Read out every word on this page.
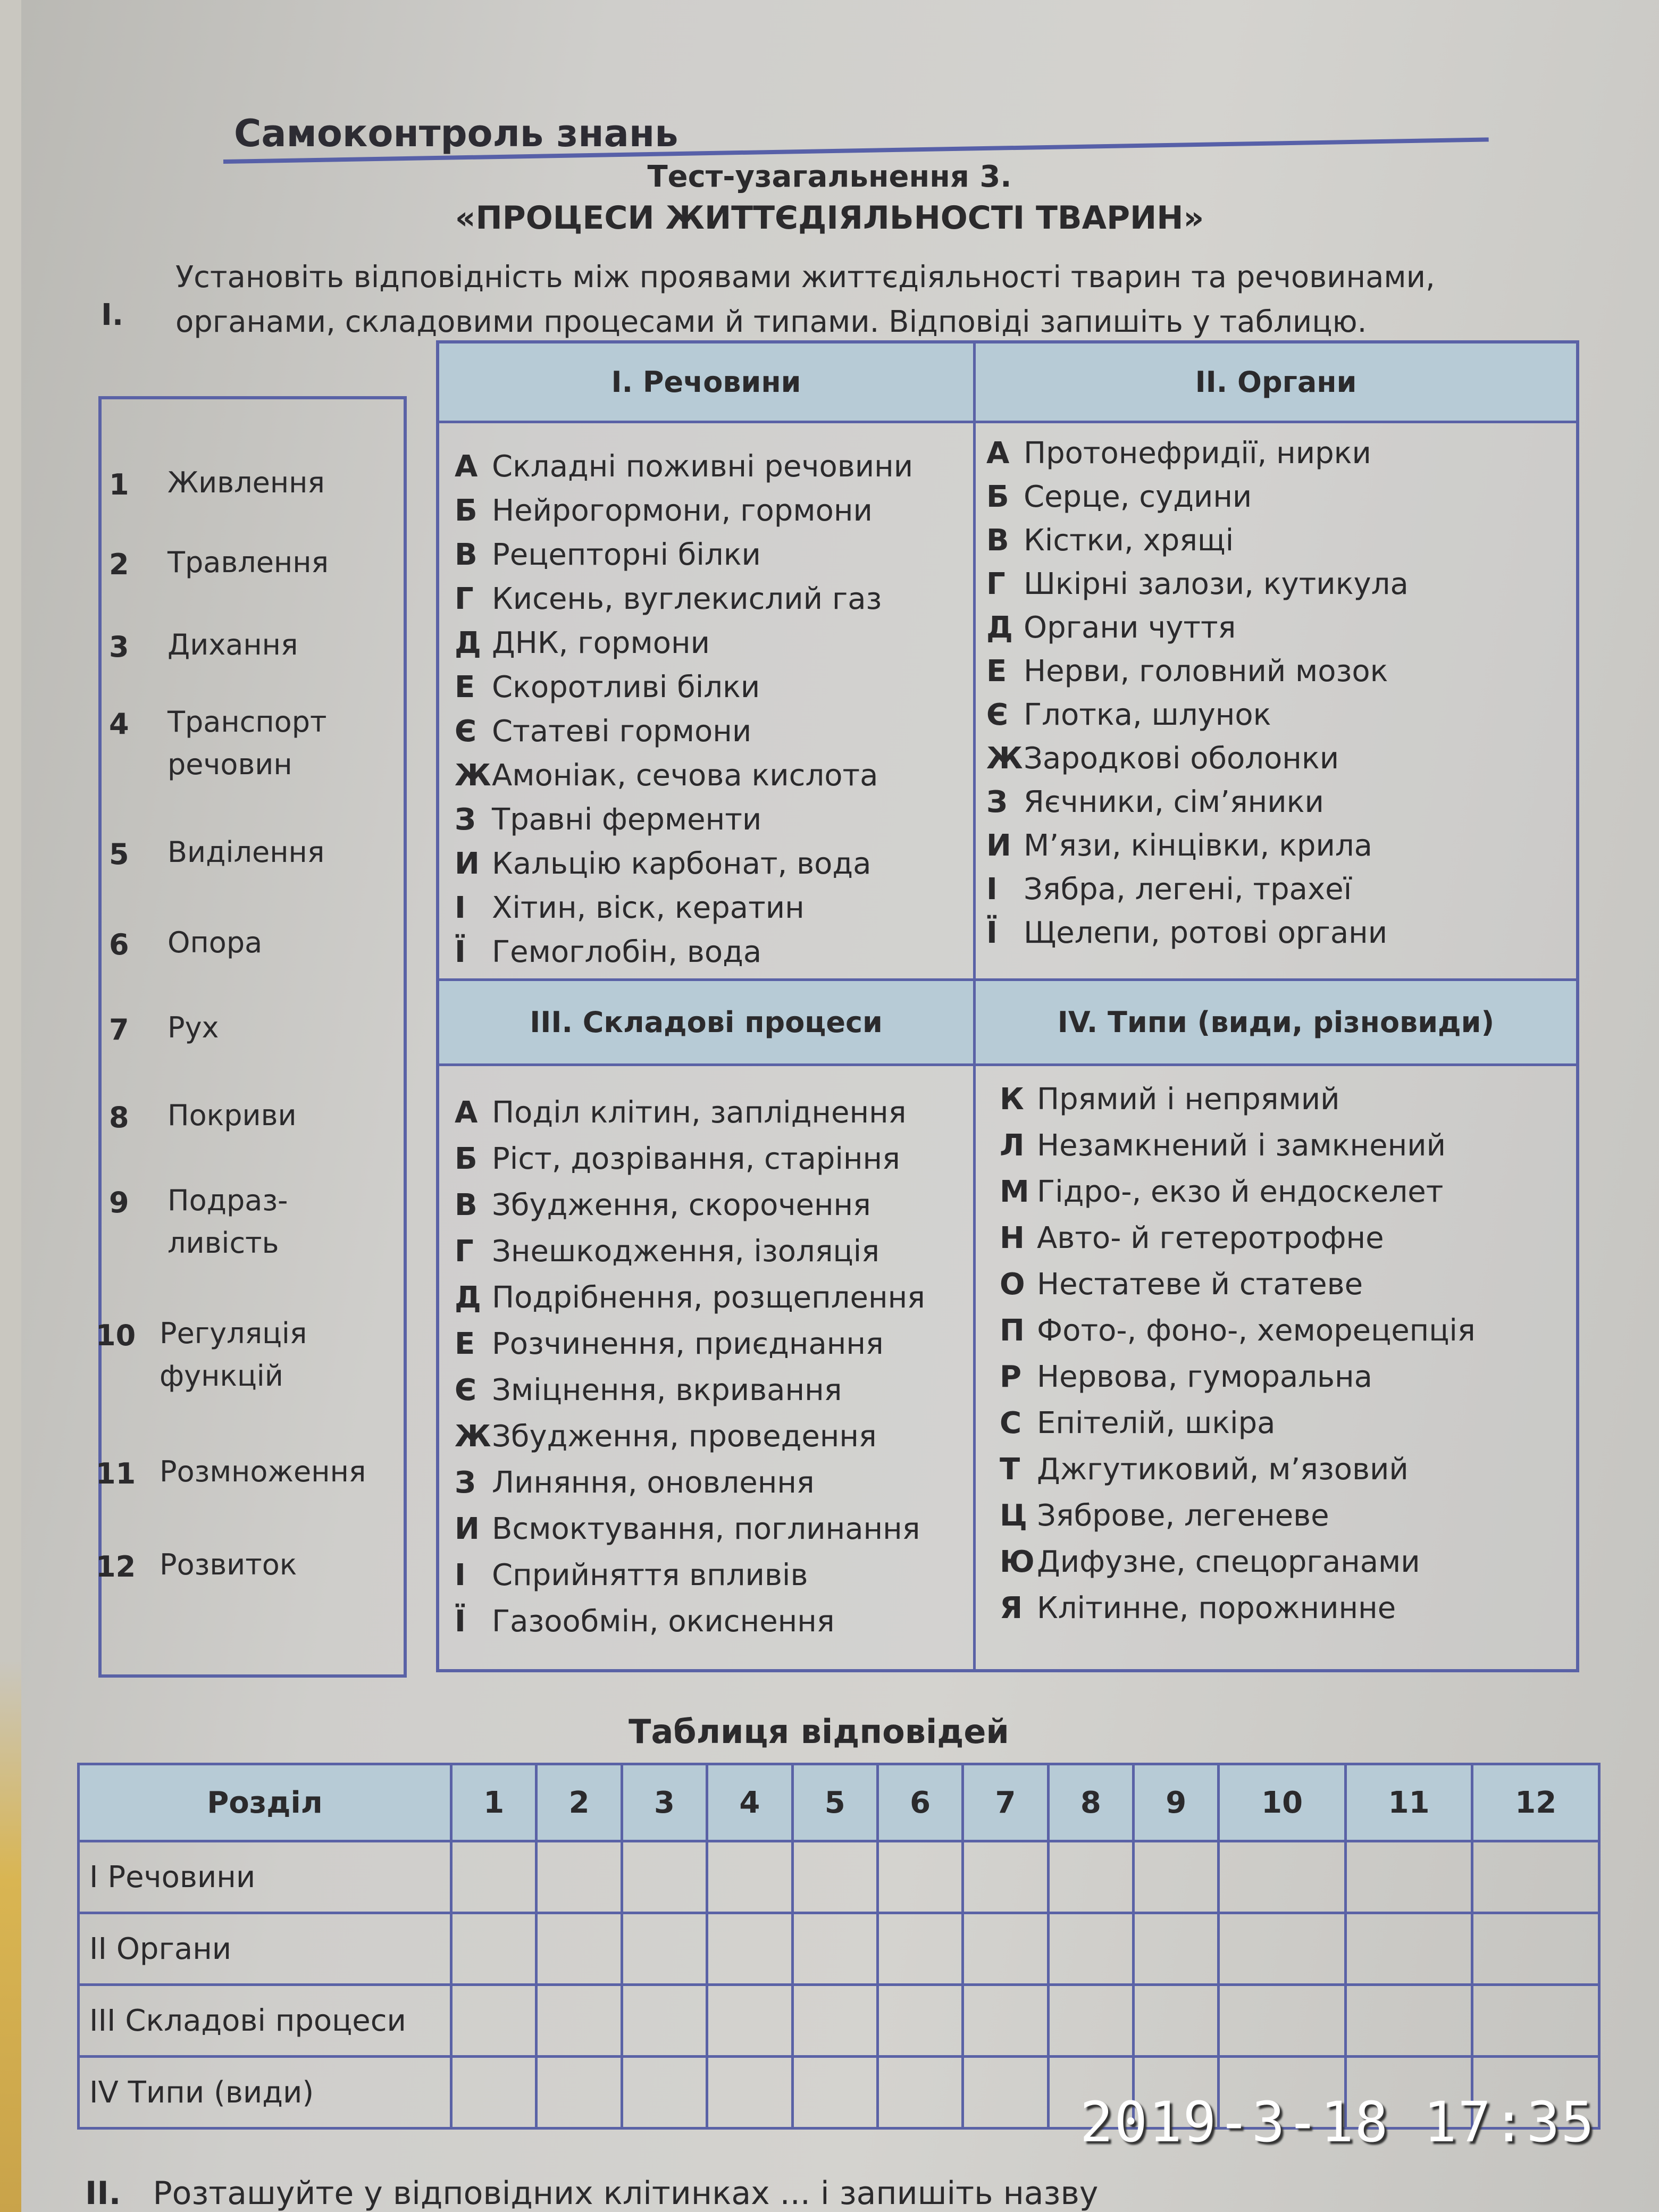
Самоконтроль знань
Тест-узагальнення 3.
«ПРОЦЕСИ ЖИТТЄДІЯЛЬНОСТІ ТВАРИН»
I.
Установіть відповідність між проявами життєдіяльності тварин та речовинами, органами, складовими процесами й типами. Відповіді запишіть у таблицю.
1 Живлення
2 Травлення
3 Дихання
4 Транспорт речовин
5 Виділення
6 Опора
7 Рух
8 Покриви
9 Подраз-ливість
10 Регуляція функцій
11 Розмноження
12 Розвиток
I. Речовини	II. Органи
III. Складові процеси	IV. Типи (види, різновиди)
А Складні поживні речовини
Б Нейрогормони, гормони
В Рецепторні білки
Г Кисень, вуглекислий газ
Д ДНК, гормони
Е Скоротливі білки
Є Статеві гормони
ЖАмоніак, сечова кислота
З Травні ферменти
И Кальцію карбонат, вода
І Хітин, віск, кератин
Ї Гемоглобін, вода
А Протонефридії, нирки
Б Серце, судини
В Кістки, хрящі
Г Шкірні залози, кутикула
Д Органи чуття
Е Нерви, головний мозок
Є Глотка, шлунок
ЖЗародкові оболонки
З Яєчники, сім’яники
И М’язи, кінцівки, крила
І Зябра, легені, трахеї
Ї Щелепи, ротові органи
А Поділ клітин, запліднення
Б Ріст, дозрівання, старіння
В Збудження, скорочення
Г Знешкодження, ізоляція
Д Подрібнення, розщеплення
Е Розчинення, приєднання
Є Зміцнення, вкривання
ЖЗбудження, проведення
З Линяння, оновлення
И Всмоктування, поглинання
І Сприйняття впливів
Ї Газообмін, окиснення
К Прямий і непрямий
Л Незамкнений і замкнений
М Гідро-, екзо й ендоскелет
Н Авто- й гетеротрофне
О Нестатеве й статеве
П Фото-, фоно-, хеморецепція
Р Нервова, гуморальна
С Епітелій, шкіра
Т Джгутиковий, м’язовий
Ц Зяброве, легеневе
ЮДифузне, спецорганами
Я Клітинне, порожнинне
Таблиця відповідей
Розділ	1	2	3	4	5	6	7	8	9	10	11	12
I Речовини												
II Органи												
III Складові процеси												
IV Типи (види)													2019-3-18 17:35
II. Розташуйте у відповідних клітинках ... і запишіть назву
